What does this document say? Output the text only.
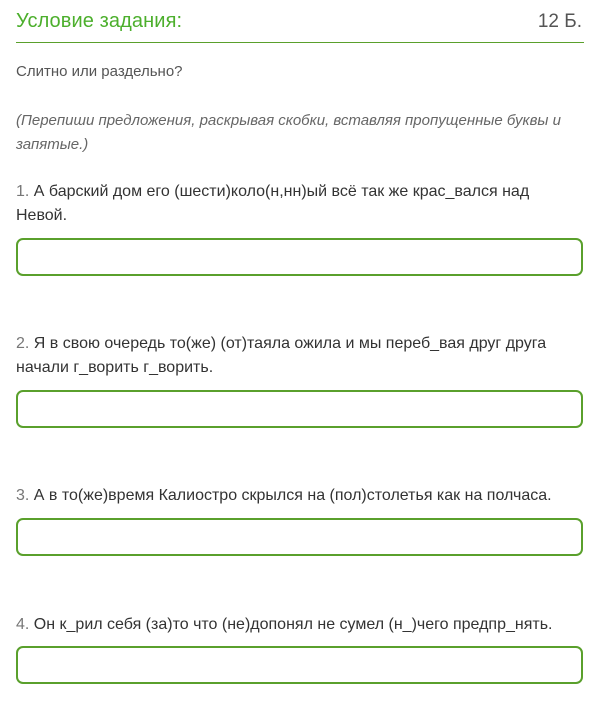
Условие задания:	12 Б.
Слитно или раздельно?
(Перепиши предложения, раскрывая скобки, вставляя пропущенные буквы и запятые.)
1. А барский дом его (шести)коло(н,нн)ый всё так же крас_вался над Невой.
2. Я в свою очередь то(же) (от)таяла ожила и мы переб_вая друг друга начали г_ворить г_ворить.
3. А в то(же)время Калиостро скрылся на (пол)столетья как на полчаса.
4. Он к_рил себя (за)то что (не)допонял не сумел (н_)чего предпр_нять.
